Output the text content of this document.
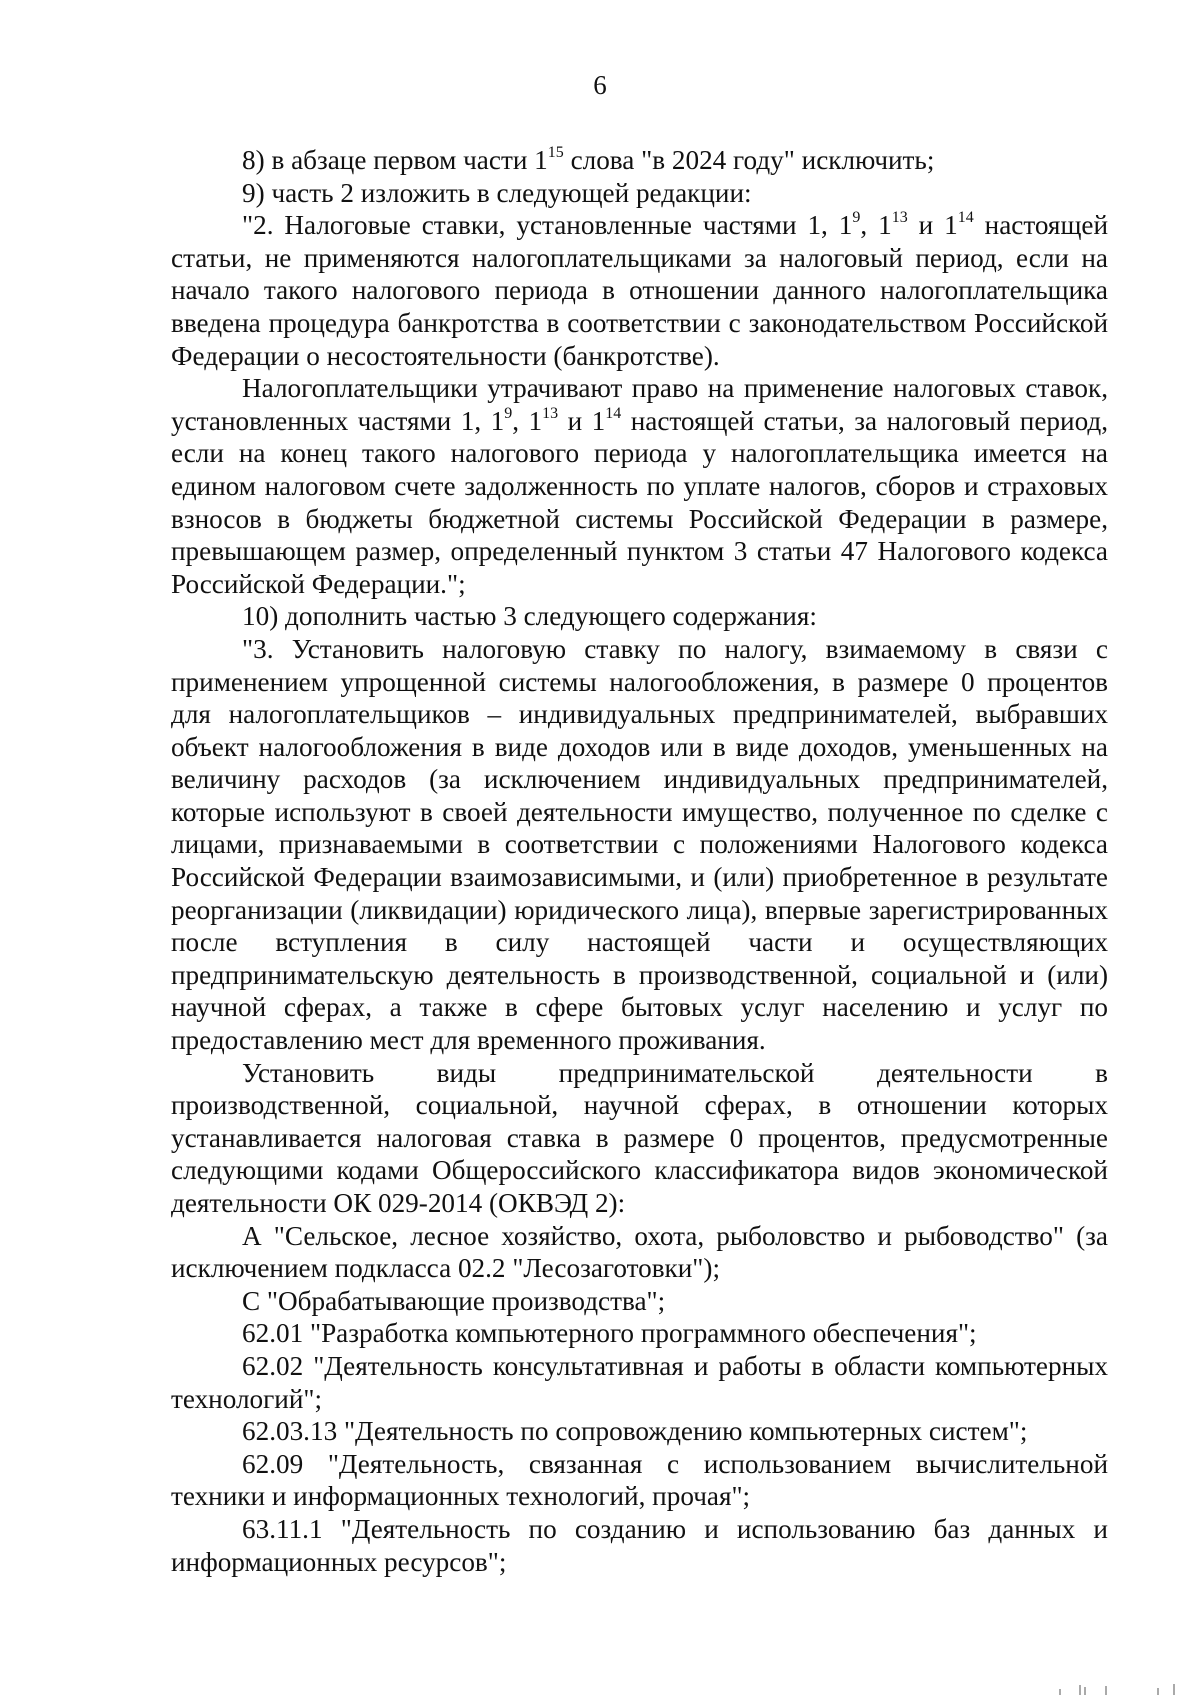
6

8) в абзаце первом части $1^{15}$ слова "в 2024 году" исключить;

9) часть 2 изложить в следующей редакции:

"2. Налоговые ставки, установленные частями 1, $1^9$, $1^{13}$ и $1^{14}$ настоящей статьи, не применяются налогоплательщиками за налоговый период, если на начало такого налогового периода в отношении данного налогоплательщика введена процедура банкротства в соответствии с законодательством Российской Федерации о несостоятельности (банкротстве).

Налогоплательщики утрачивают право на применение налоговых ставок, установленных частями 1, $1^9$, $1^{13}$ и $1^{14}$ настоящей статьи, за налоговый период, если на конец такого налогового периода у налогоплательщика имеется на едином налоговом счете задолженность по уплате налогов, сборов и страховых взносов в бюджеты бюджетной системы Российской Федерации в размере, превышающем размер, определенный пунктом 3 статьи 47 Налогового кодекса Российской Федерации.";

10) дополнить частью 3 следующего содержания:

"3. Установить налоговую ставку по налогу, взимаемому в связи с применением упрощенной системы налогообложения, в размере 0 процентов для налогоплательщиков – индивидуальных предпринимателей, выбравших объект налогообложения в виде доходов или в виде доходов, уменьшенных на величину расходов (за исключением индивидуальных предпринимателей, которые используют в своей деятельности имущество, полученное по сделке с лицами, признаваемыми в соответствии с положениями Налогового кодекса Российской Федерации взаимозависимыми, и (или) приобретенное в результате реорганизации (ликвидации) юридического лица), впервые зарегистрированных после вступления в силу настоящей части и осуществляющих предпринимательскую деятельность в производственной, социальной и (или) научной сферах, а также в сфере бытовых услуг населению и услуг по предоставлению мест для временного проживания.

Установить виды предпринимательской деятельности в производственной, социальной, научной сферах, в отношении которых устанавливается налоговая ставка в размере 0 процентов, предусмотренные следующими кодами Общероссийского классификатора видов экономической деятельности ОК 029-2014 (ОКВЭД 2):

А "Сельское, лесное хозяйство, охота, рыболовство и рыбоводство" (за исключением подкласса 02.2 "Лесозаготовки");

С "Обрабатывающие производства";

62.01 "Разработка компьютерного программного обеспечения";

62.02 "Деятельность консультативная и работы в области компьютерных технологий";

62.03.13 "Деятельность по сопровождению компьютерных систем";

62.09 "Деятельность, связанная с использованием вычислительной техники и информационных технологий, прочая";

63.11.1 "Деятельность по созданию и использованию баз данных и информационных ресурсов";
